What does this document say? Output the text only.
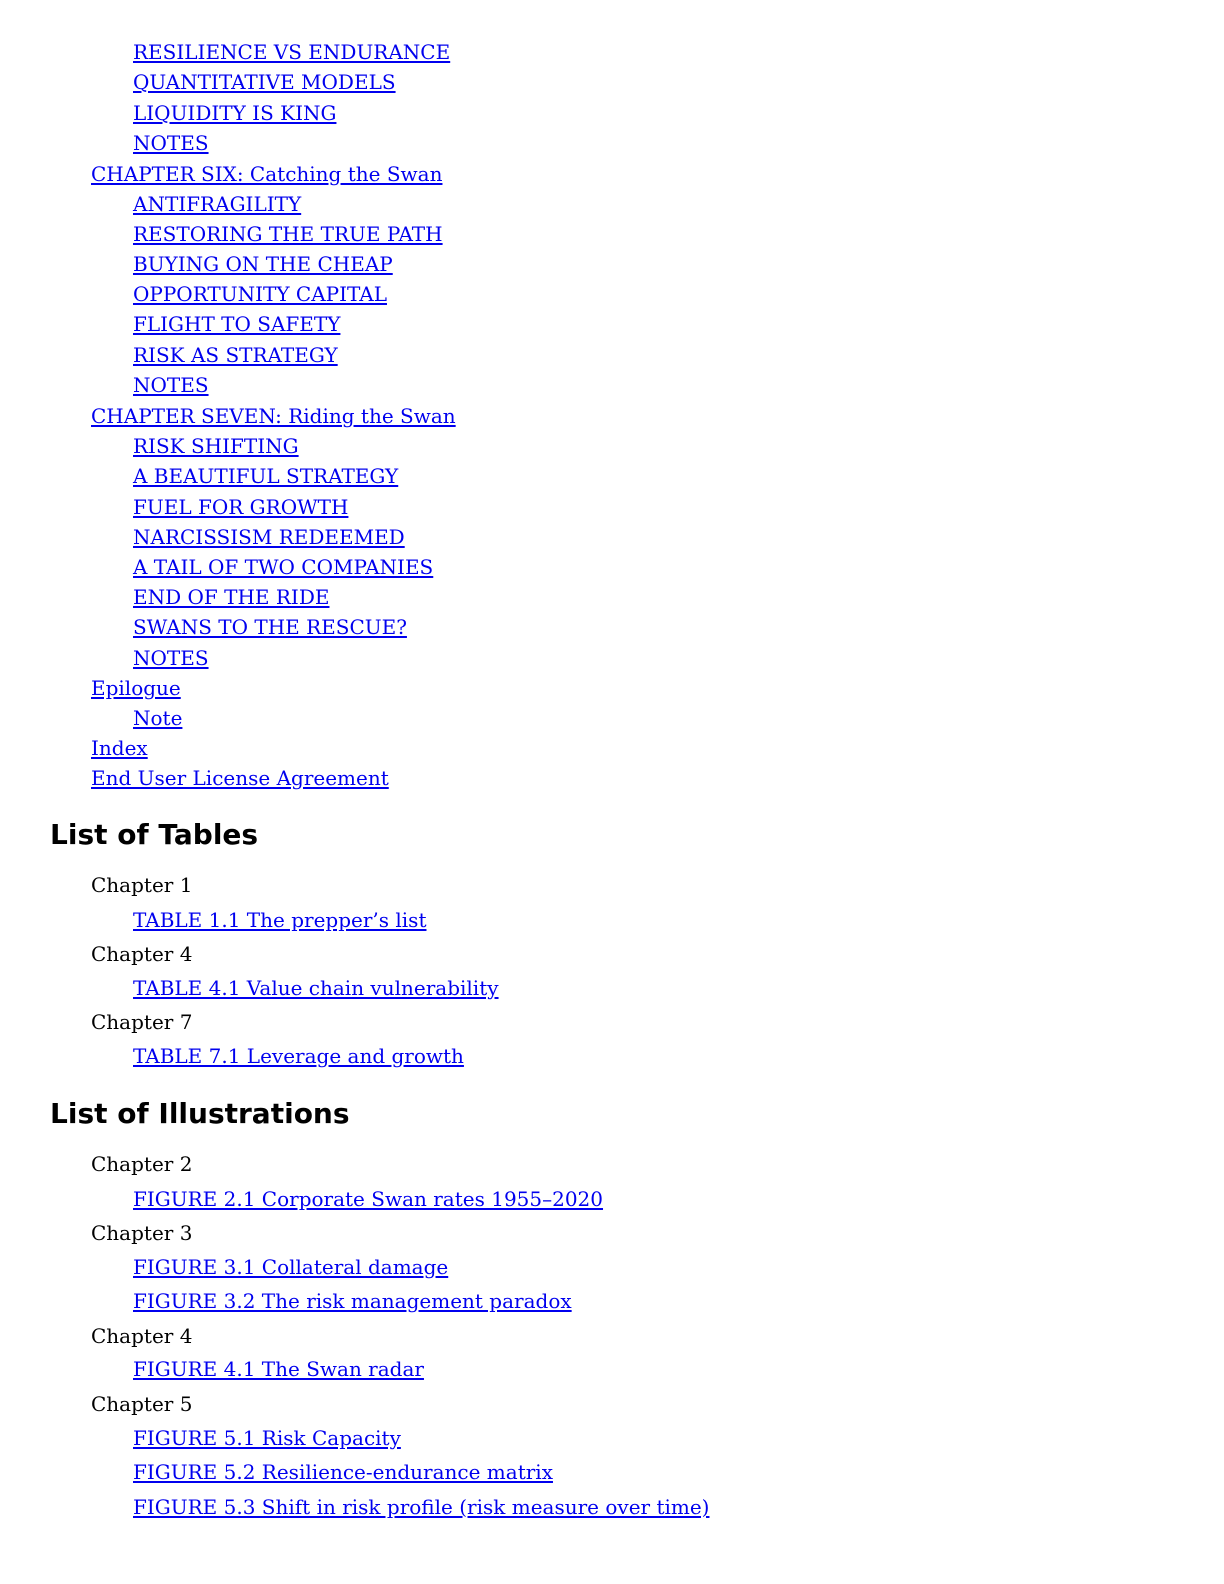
RESILIENCE VS ENDURANCE
QUANTITATIVE MODELS
LIQUIDITY IS KING
NOTES
CHAPTER SIX: Catching the Swan
ANTIFRAGILITY
RESTORING THE TRUE PATH
BUYING ON THE CHEAP
OPPORTUNITY CAPITAL
FLIGHT TO SAFETY
RISK AS STRATEGY
NOTES
CHAPTER SEVEN: Riding the Swan
RISK SHIFTING
A BEAUTIFUL STRATEGY
FUEL FOR GROWTH
NARCISSISM REDEEMED
A TAIL OF TWO COMPANIES
END OF THE RIDE
SWANS TO THE RESCUE?
NOTES
Epilogue
Note
Index
End User License Agreement
List of Tables
Chapter 1
TABLE 1.1 The prepper’s list
Chapter 4
TABLE 4.1 Value chain vulnerability
Chapter 7
TABLE 7.1 Leverage and growth
List of Illustrations
Chapter 2
FIGURE 2.1 Corporate Swan rates 1955–2020
Chapter 3
FIGURE 3.1 Collateral damage
FIGURE 3.2 The risk management paradox
Chapter 4
FIGURE 4.1 The Swan radar
Chapter 5
FIGURE 5.1 Risk Capacity
FIGURE 5.2 Resilience-endurance matrix
FIGURE 5.3 Shift in risk profile (risk measure over time)
